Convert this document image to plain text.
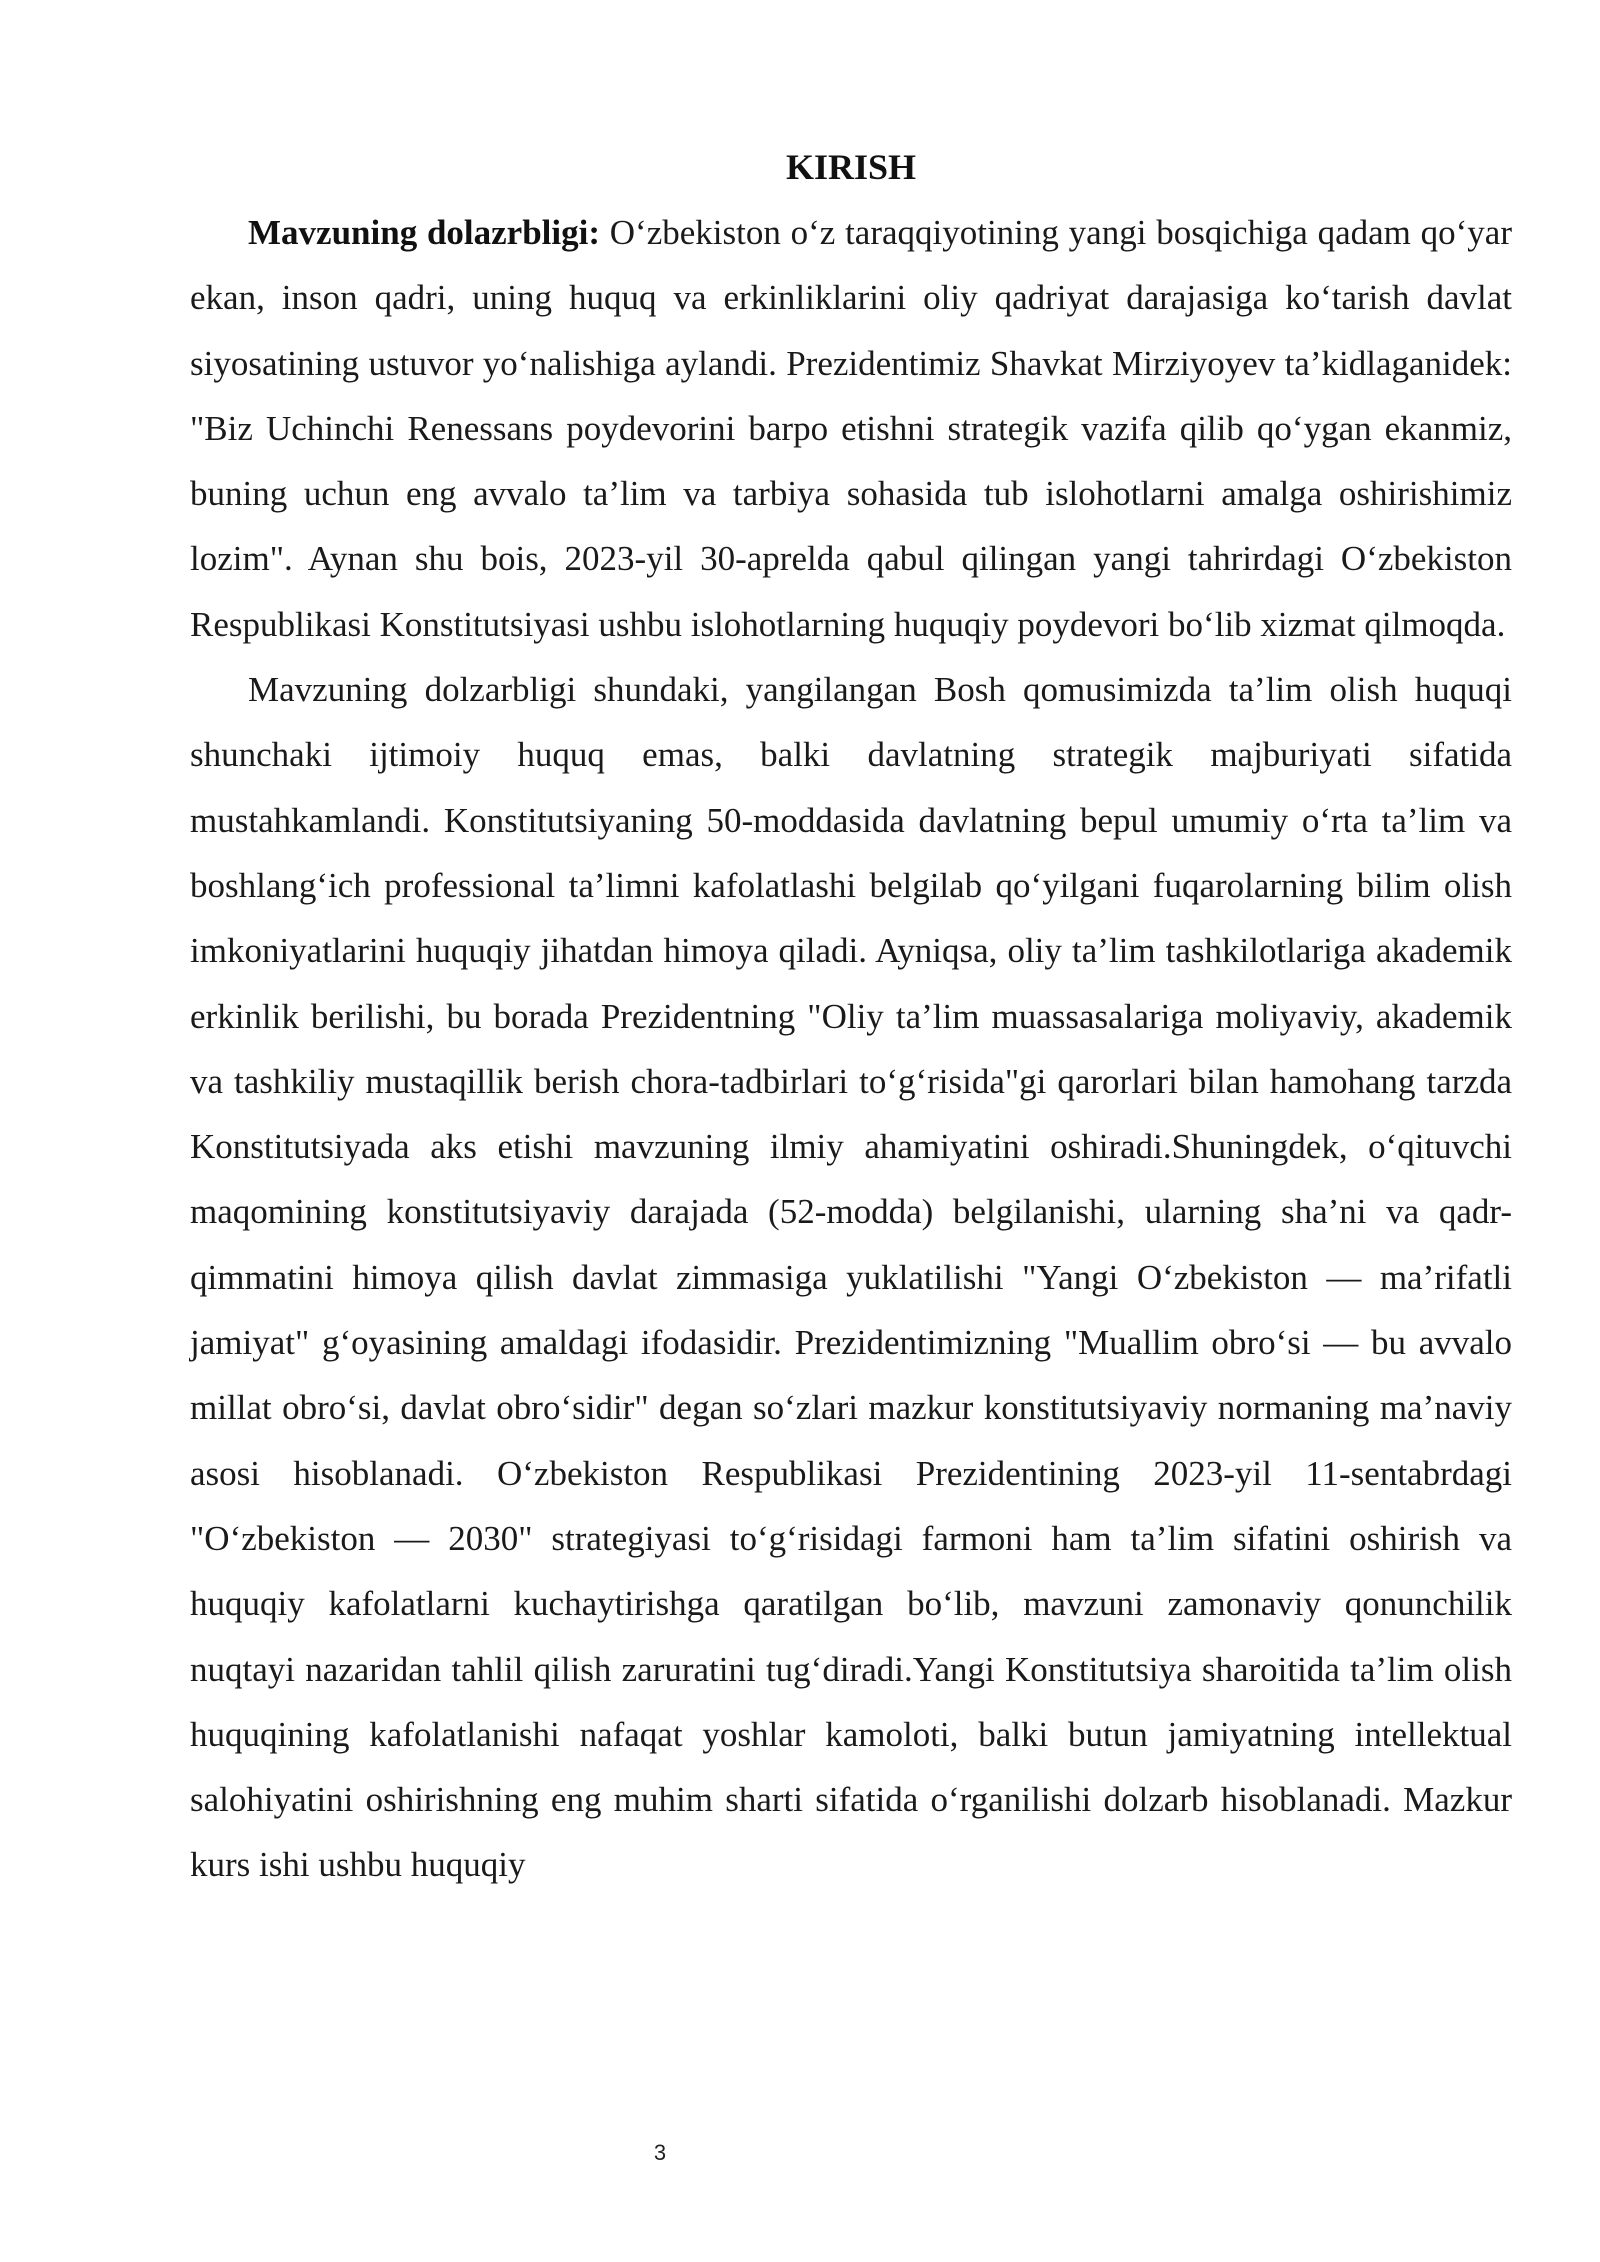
KIRISH

Mavzuning dolazrbligi: O‘zbekiston o‘z taraqqiyotining yangi bosqichiga qadam qo‘yar ekan, inson qadri, uning huquq va erkinliklarini oliy qadriyat darajasiga ko‘tarish davlat siyosatining ustuvor yo‘nalishiga aylandi. Prezidentimiz Shavkat Mirziyoyev ta’kidlaganidek: "Biz Uchinchi Renessans poydevorini barpo etishni strategik vazifa qilib qo‘ygan ekanmiz, buning uchun eng avvalo ta’lim va tarbiya sohasida tub islohotlarni amalga oshirishimiz lozim". Aynan shu bois, 2023-yil 30-aprelda qabul qilingan yangi tahrirdagi O‘zbekiston Respublikasi Konstitutsiyasi ushbu islohotlarning huquqiy poydevori bo‘lib xizmat qilmoqda.

Mavzuning dolzarbligi shundaki, yangilangan Bosh qomusimizda ta’lim olish huquqi shunchaki ijtimoiy huquq emas, balki davlatning strategik majburiyati sifatida mustahkamlandi. Konstitutsiyaning 50-moddasida davlatning bepul umumiy o‘rta ta’lim va boshlang‘ich professional ta’limni kafolatlashi belgilab qo‘yilgani fuqarolarning bilim olish imkoniyatlarini huquqiy jihatdan himoya qiladi. Ayniqsa, oliy ta’lim tashkilotlariga akademik erkinlik berilishi, bu borada Prezidentning "Oliy ta’lim muassasalariga moliyaviy, akademik va tashkiliy mustaqillik berish chora-tadbirlari to‘g‘risida"gi qarorlari bilan hamohang tarzda Konstitutsiyada aks etishi mavzuning ilmiy ahamiyatini oshiradi.Shuningdek, o‘qituvchi maqomining konstitutsiyaviy darajada (52-modda) belgilanishi, ularning sha’ni va qadr-qimmatini himoya qilish davlat zimmasiga yuklatilishi "Yangi O‘zbekiston — ma’rifatli jamiyat" g‘oyasining amaldagi ifodasidir. Prezidentimizning "Muallim obro‘si — bu avvalo millat obro‘si, davlat obro‘sidir" degan so‘zlari mazkur konstitutsiyaviy normaning ma’naviy asosi hisoblanadi. O‘zbekiston Respublikasi Prezidentining 2023-yil 11-sentabrdagi "O‘zbekiston — 2030" strategiyasi to‘g‘risidagi farmoni ham ta’lim sifatini oshirish va huquqiy kafolatlarni kuchaytirishga qaratilgan bo‘lib, mavzuni zamonaviy qonunchilik nuqtayi nazaridan tahlil qilish zaruratini tug‘diradi.Yangi Konstitutsiya sharoitida ta’lim olish huquqining kafolatlanishi nafaqat yoshlar kamoloti, balki butun jamiyatning intellektual salohiyatini oshirishning eng muhim sharti sifatida o‘rganilishi dolzarb hisoblanadi. Mazkur kurs ishi ushbu huquqiy

3
